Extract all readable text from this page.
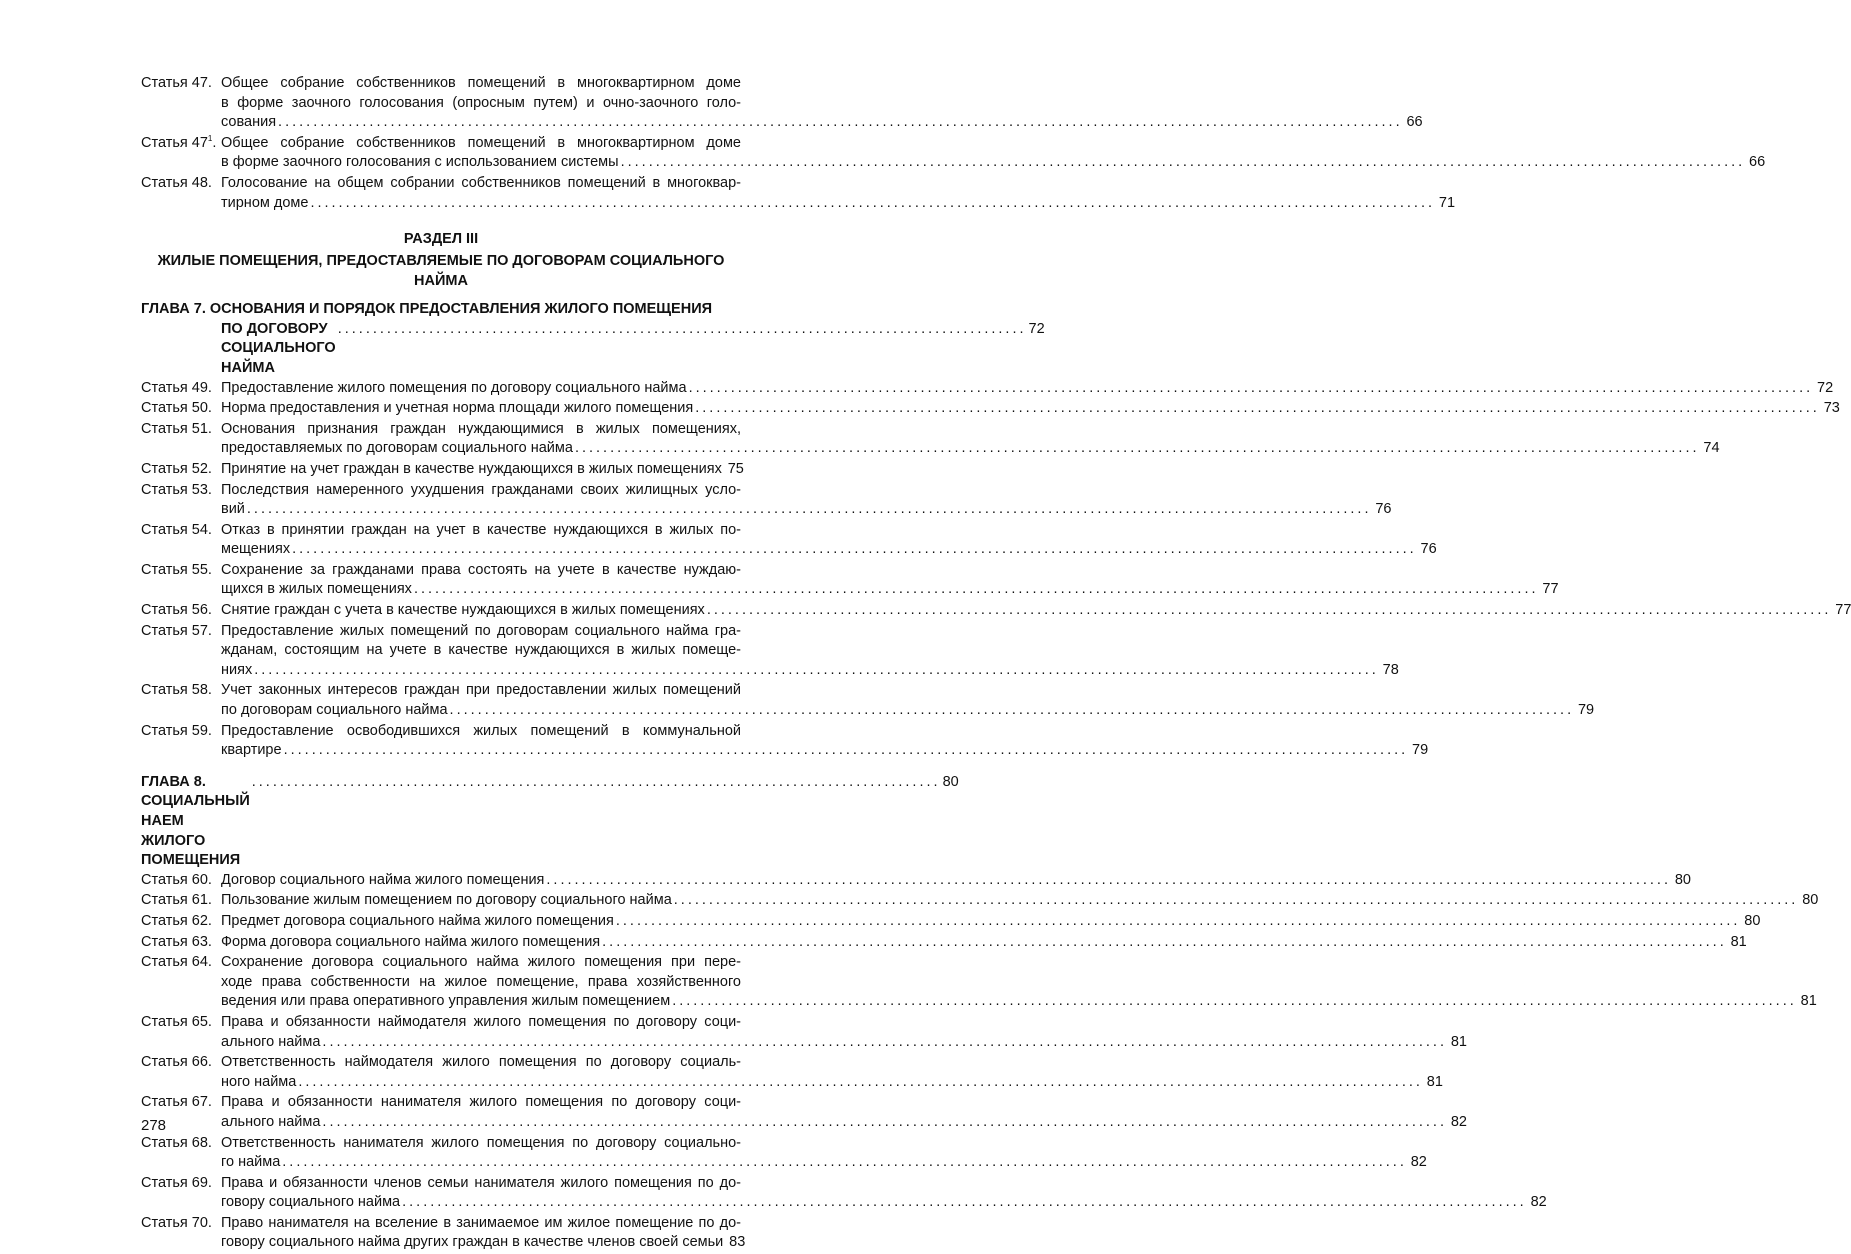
Статья 47. Общее собрание собственников помещений в многоквартирном доме
в форме заочного голосования (опросным путем) и очно-заочного голо-
сования ................................................................................................................................................................ 66
Статья $47^1$. Общее собрание собственников помещений в многоквартирном доме
в форме заочного голосования с использованием системы ................................................................................................................................................................ 66
Статья 48. Голосование на общем собрании собственников помещений в многоквар-
тирном доме ................................................................................................................................................................ 71
РАЗДЕЛ III
ЖИЛЫЕ ПОМЕЩЕНИЯ, ПРЕДОСТАВЛЯЕМЫЕ ПО ДОГОВОРАМ СОЦИАЛЬНОГО НАЙМА
ГЛАВА 7. ОСНОВАНИЯ И ПОРЯДОК ПРЕДОСТАВЛЕНИЯ ЖИЛОГО ПОМЕЩЕНИЯ
ПО ДОГОВОРУ СОЦИАЛЬНОГО НАЙМА
.................................................................................................. 72
Статья 49. Предоставление жилого помещения по договору социального найма ................................................................................................................................................................ 72
Статья 50. Норма предоставления и учетная норма площади жилого помещения ................................................................................................................................................................ 73
Статья 51. Основания признания граждан нуждающимися в жилых помещениях,
предоставляемых по договорам социального найма ................................................................................................................................................................ 74
Статья 52. Принятие на учет граждан в качестве нуждающихся в жилых помещениях 75
Статья 53. Последствия намеренного ухудшения гражданами своих жилищных усло-
вий ................................................................................................................................................................ 76
Статья 54. Отказ в принятии граждан на учет в качестве нуждающихся в жилых по-
мещениях ................................................................................................................................................................ 76
Статья 55. Сохранение за гражданами права состоять на учете в качестве нуждаю-
щихся в жилых помещениях ................................................................................................................................................................ 77
Статья 56. Снятие граждан с учета в качестве нуждающихся в жилых помещениях ................................................................................................................................................................ 77
Статья 57. Предоставление жилых помещений по договорам социального найма гра-
жданам, состоящим на учете в качестве нуждающихся в жилых помеще-
ниях ................................................................................................................................................................ 78
Статья 58. Учет законных интересов граждан при предоставлении жилых помещений
по договорам социального найма ................................................................................................................................................................ 79
Статья 59. Предоставление освободившихся жилых помещений в коммунальной
квартире ................................................................................................................................................................ 79
ГЛАВА 8. СОЦИАЛЬНЫЙ НАЕМ ЖИЛОГО ПОМЕЩЕНИЯ
.................................................................................................. 80
Статья 60. Договор социального найма жилого помещения ................................................................................................................................................................ 80
Статья 61. Пользование жилым помещением по договору социального найма ................................................................................................................................................................ 80
Статья 62. Предмет договора социального найма жилого помещения ................................................................................................................................................................ 80
Статья 63. Форма договора социального найма жилого помещения ................................................................................................................................................................ 81
Статья 64. Сохранение договора социального найма жилого помещения при пере-
ходе права собственности на жилое помещение, права хозяйственного
ведения или права оперативного управления жилым помещением ................................................................................................................................................................ 81
Статья 65. Права и обязанности наймодателя жилого помещения по договору соци-
ального найма ................................................................................................................................................................ 81
Статья 66. Ответственность наймодателя жилого помещения по договору социаль-
ного найма ................................................................................................................................................................ 81
Статья 67. Права и обязанности нанимателя жилого помещения по договору соци-
ального найма ................................................................................................................................................................ 82
Статья 68. Ответственность нанимателя жилого помещения по договору социально-
го найма ................................................................................................................................................................ 82
Статья 69. Права и обязанности членов семьи нанимателя жилого помещения по до-
говору социального найма ................................................................................................................................................................ 82
Статья 70. Право нанимателя на вселение в занимаемое им жилое помещение по до-
говору социального найма других граждан в качестве членов своей семьи 83
278
